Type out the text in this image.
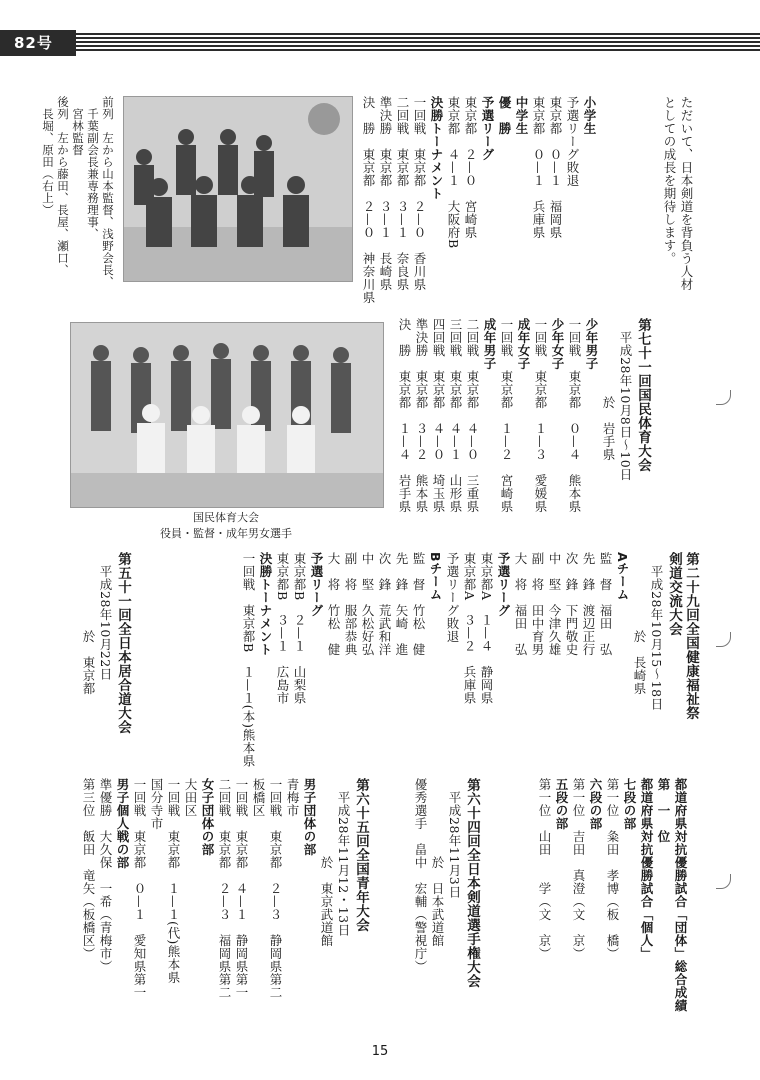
82号
ただいて、日本剣道を背負う人材
としての成長を期待します。
小学生
予選リーグ敗退
東京都　０—１　福岡県
東京都　０—１　兵庫県
中学生
優　勝
予選リーグ
東京都　２—０　宮崎県
東京都　４—１　大阪府B
決勝トーナメント
一回戦　東京都　２—０　香川県
二回戦　東京都　３—１　奈良県
準決勝　東京都　３—１　長崎県
決　勝　東京都　２—０　神奈川県
前列　左から山本監督、浅野会長、
　千葉副会長兼専務理事、
　宮林監督
後列　左から藤田、長屋、瀬口、
　長堀、原田（右上）
国民体育大会
役員・監督・成年男女選手
第七十一回国民体育大会
　平成28年10月8日〜10日
　　　　　　於　岩手県
少年男子
一回戦　東京都　０—４　熊本県
少年女子
一回戦　東京都　１—３　愛媛県
成年女子
一回戦　東京都　１—２　宮崎県
成年男子
二回戦　東京都　４—０　三重県
三回戦　東京都　４—１　山形県
四回戦　東京都　４—０　埼玉県
準決勝　東京都　３—２　熊本県
決　勝　東京都　１—４　岩手県
第二十九回全国健康福祉祭
剣道交流大会
　平成28年10月15〜18日
　　　　　　於　長崎県
Aチーム
監　督　福田　弘
先　鋒　渡辺正行
次　鋒　下門敬史
中　堅　今津久雄
副　将　田中育男
大　将　福田　弘
予選リーグ
東京都A　１—４　静岡県
東京都A　３—２　兵庫県
予選リーグ敗退
Bチーム
監　督　竹松　健
先　鋒　矢崎　進
次　鋒　荒武和洋
中　堅　久松好弘
副　将　服部恭典
大　将　竹松　健
予選リーグ
東京都B　２—１　山梨県
東京都B　３—１　広島市
決勝トーナメント
一回戦　東京都B　１—１(本)熊本県
第五十一回全日本居合道大会
　平成28年10月22日
　　　　　　於　東京都
都道府県対抗優勝試合「団体」総合成績
第　一　位
都道府県対抗優勝試合「個人」
七段の部
第一位　粂田　孝博（板　橋）
六段の部
第一位　吉田　真澄（文　京）
五段の部
第一位　山田　　学（文　京）
第六十四回全日本剣道選手権大会
　平成28年11月3日
　　　　　　於　日本武道館
優秀選手　畠中　宏輔（警視庁）
第六十五回全国青年大会
　平成28年11月12・13日
　　　　　　於　東京武道館
男子団体の部
青梅市
一回戦　東京都　２—３　静岡県第二
板橋区
一回戦　東京都　４—１　静岡県第一
二回戦　東京都　２—３　福岡県第二
女子団体の部
大田区
一回戦　東京都　１—１(代)熊本県
国分寺市
一回戦　東京都　０—１　愛知県第一
男子個人戦の部
準優勝　大久保　一希（青梅市）
第三位　飯田　竜矢（板橋区）
15
